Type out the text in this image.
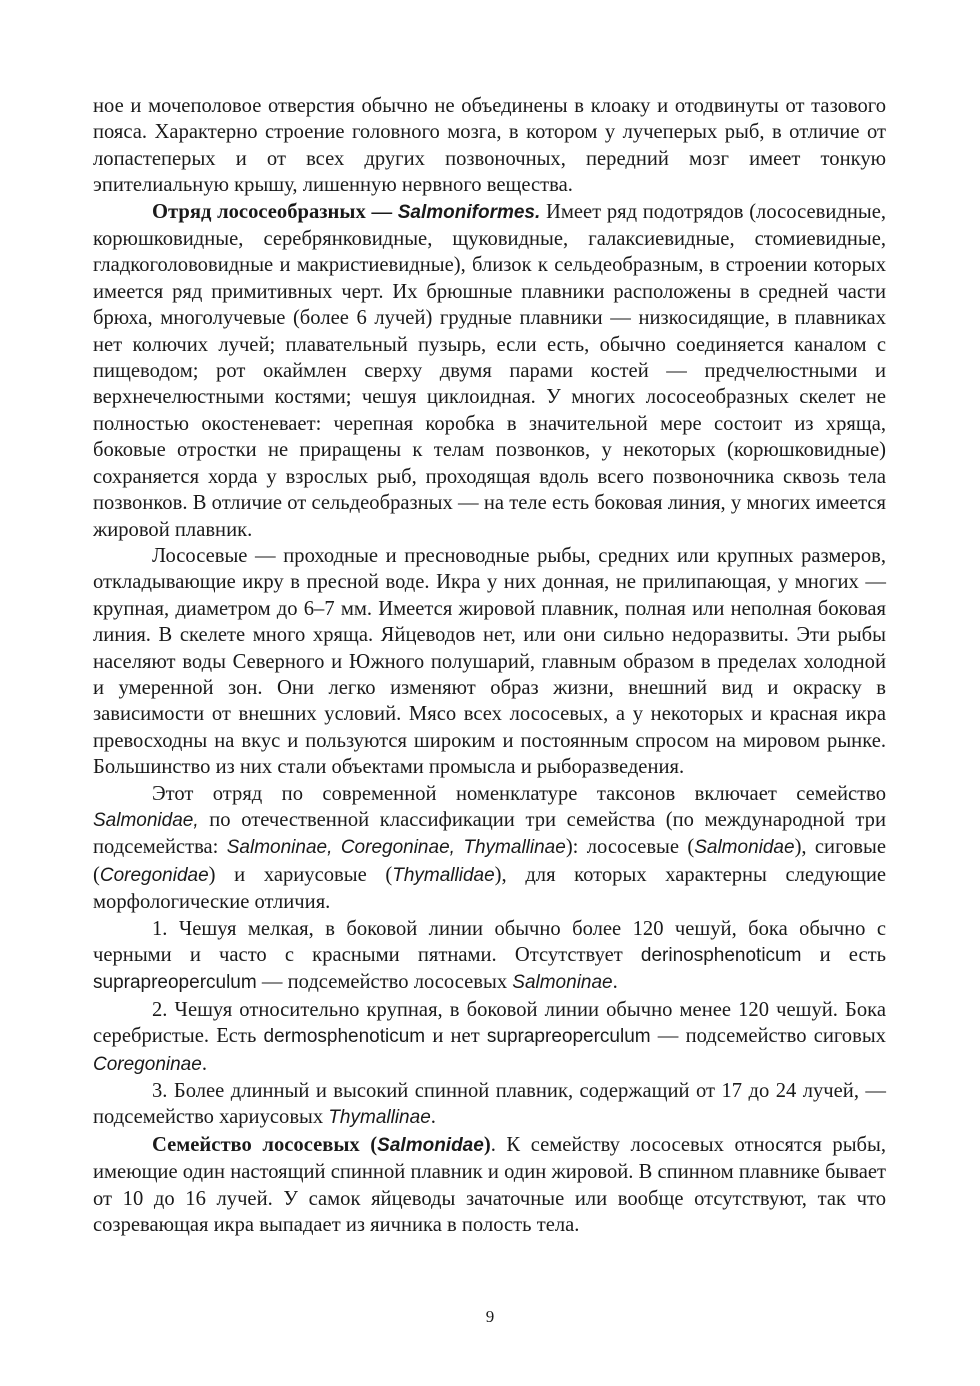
ное и мочеполовое отверстия обычно не объединены в клоаку и отодвинуты от тазового пояса. Характерно строение головного мозга, в котором у лучеперых рыб, в отличие от лопастеперых и от всех других позвоночных, передний мозг имеет тонкую эпителиальную крышу, лишенную нервного вещества.

Отряд лососеобразных — Salmoniformes. Имеет ряд подотрядов (лососевидные, корюшковидные, серебрянковидные, щуковидные, галаксиевидные, стомиевидные, гладкоголововидные и макристиевидные), близок к сельдеобразным, в строении которых имеется ряд примитивных черт. Их брюшные плавники расположены в средней части брюха, многолучевые (более 6 лучей) грудные плавники — низкосидящие, в плавниках нет колючих лучей; плавательный пузырь, если есть, обычно соединяется каналом с пищеводом; рот окаймлен сверху двумя парами костей — предчелюстными и верхнечелюстными костями; чешуя циклоидная. У многих лососеобразных скелет не полностью окостеневает: черепная коробка в значительной мере состоит из хряща, боковые отростки не приращены к телам позвонков, у некоторых (корюшковидные) сохраняется хорда у взрослых рыб, проходящая вдоль всего позвоночника сквозь тела позвонков. В отличие от сельдеобразных — на теле есть боковая линия, у многих имеется жировой плавник.

Лососевые — проходные и пресноводные рыбы, средних или крупных размеров, откладывающие икру в пресной воде. Икра у них донная, не прилипающая, у многих — крупная, диаметром до 6–7 мм. Имеется жировой плавник, полная или неполная боковая линия. В скелете много хряща. Яйцеводов нет, или они сильно недоразвиты. Эти рыбы населяют воды Северного и Южного полушарий, главным образом в пределах холодной и умеренной зон. Они легко изменяют образ жизни, внешний вид и окраску в зависимости от внешних условий. Мясо всех лососевых, а у некоторых и красная икра превосходны на вкус и пользуются широким и постоянным спросом на мировом рынке. Большинство из них стали объектами промысла и рыборазведения.

Этот отряд по современной номенклатуре таксонов включает семейство Salmonidae, по отечественной классификации три семейства (по международной три подсемейства: Salmoninae, Coregoninae, Thymallinae): лососевые (Salmonidae), сиговые (Coregonidae) и хариусовые (Thymallidae), для которых характерны следующие морфологические отличия.

1. Чешуя мелкая, в боковой линии обычно более 120 чешуй, бока обычно с черными и часто с красными пятнами. Отсутствует derinosphenoticum и есть suprapreoperculum — подсемейство лососевых Salmoninae.

2. Чешуя относительно крупная, в боковой линии обычно менее 120 чешуй. Бока серебристые. Есть dermosphenoticum и нет suprapreoperculum — подсемейство сиговых Coregoninae.

3. Более длинный и высокий спинной плавник, содержащий от 17 до 24 лучей, — подсемейство хариусовых Thymallinae.

Семейство лососевых (Salmonidae). К семейству лососевых относятся рыбы, имеющие один настоящий спинной плавник и один жировой. В спинном плавнике бывает от 10 до 16 лучей. У самок яйцеводы зачаточные или вообще отсутствуют, так что созревающая икра выпадает из яичника в полость тела.

9
